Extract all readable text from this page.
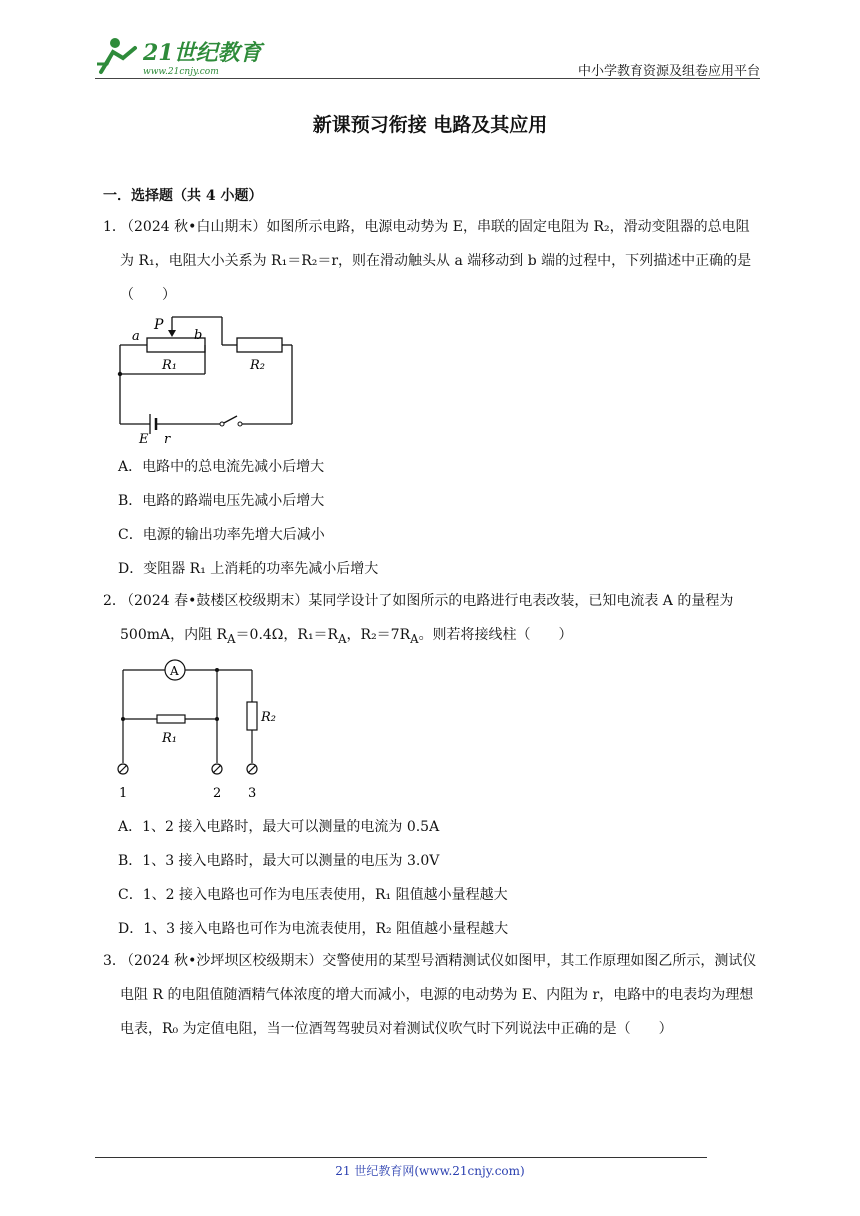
21世纪教育
www.21cnjy.com	中小学教育资源及组卷应用平台
新课预习衔接 电路及其应用
一．选择题（共 4 小题）
1．
（2024 秋•白山期末）如图所示电路，电源电动势为 E，串联的固定电阻为 R₂，滑动变阻器的总电阻为 R₁，电阻大小关系为 R₁＝R₂＝r，则在滑动触头从 a 端移动到 b 端的过程中，下列描述中正确的是（　　）
P
a	b
R₁	R₂
E r
A．电路中的总电流先减小后增大
B．电路的路端电压先减小后增大
C．电源的输出功率先增大后减小
D．变阻器 R₁ 上消耗的功率先减小后增大
2．
（2024 春•鼓楼区校级期末）某同学设计了如图所示的电路进行电表改装，已知电流表 A 的量程为 500mA，内阻 $R_A=0.4\Omega$，$R_1=R_A$，$R_2=7R_A$。则若将接线柱（　　）
A
R₁
R₂
1	2 3
A．1、2 接入电路时，最大可以测量的电流为 0.5A
B．1、3 接入电路时，最大可以测量的电压为 3.0V
C．1、2 接入电路也可作为电压表使用，R₁ 阻值越小量程越大
D．1、3 接入电路也可作为电流表使用，R₂ 阻值越小量程越大
3．
（2024 秋•沙坪坝区校级期末）交警使用的某型号酒精测试仪如图甲，其工作原理如图乙所示，测试仪电阻 R 的电阻值随酒精气体浓度的增大而减小，电源的电动势为 E、内阻为 r，电路中的电表均为理想电表，R₀ 为定值电阻，当一位酒驾驾驶员对着测试仪吹气时下列说法中正确的是（　　）
21 世纪教育网(www.21cnjy.com)
